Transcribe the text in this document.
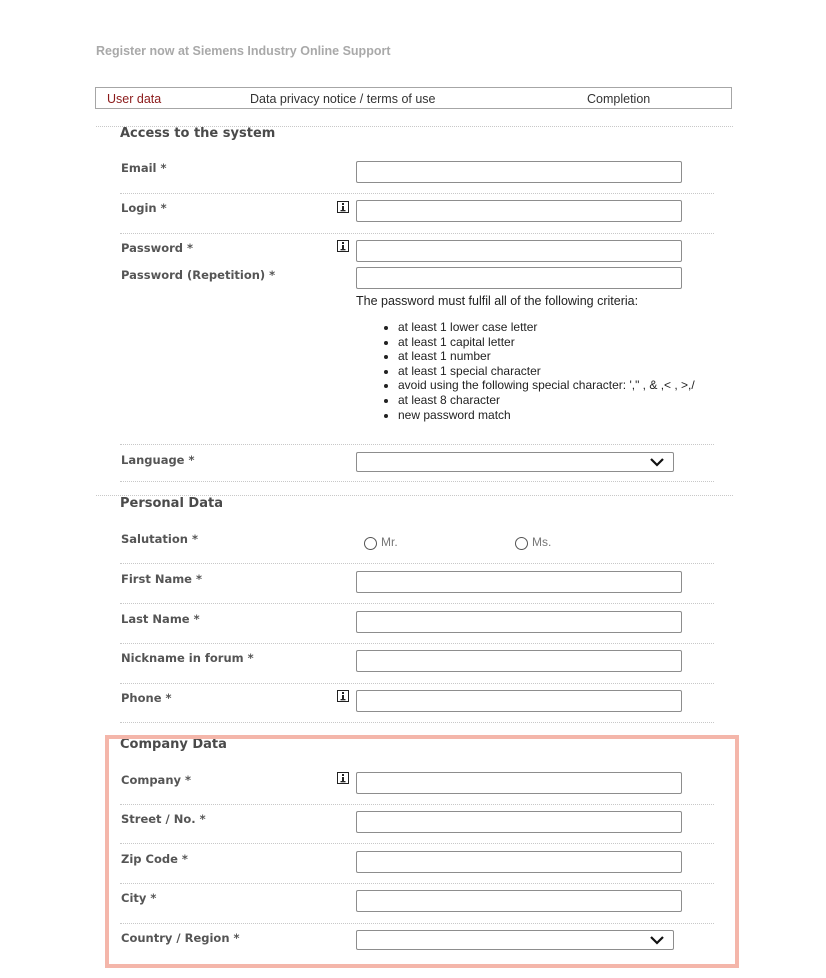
Register now at Siemens Industry Online Support
User data	Data privacy notice / terms of use	Completion
Access to the system
Email *
Login *
Password *
Password (Repetition) *
The password must fulfil all of the following criteria:
• at least 1 lower case letter
• at least 1 capital letter
• at least 1 number
• at least 1 special character
• avoid using the following special character: '," , & ,< , >,/
• at least 8 character
• new password match
Language *
Personal Data
Salutation *	Mr.	Ms.
First Name *
Last Name *
Nickname in forum *
Phone *
Company Data
Company *
Street / No. *
Zip Code *
City *
Country / Region *
